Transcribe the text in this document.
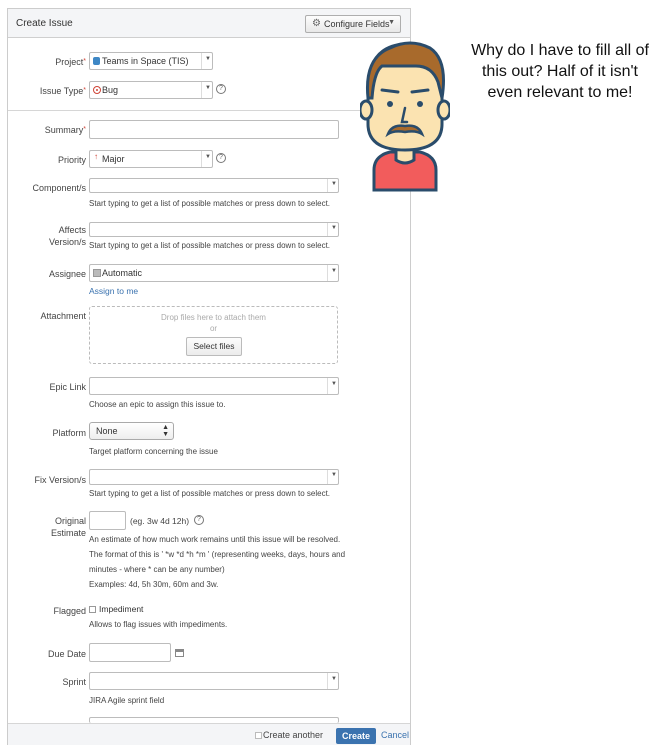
Create Issue	⚙ Configure Fields
▼
Project* Teams in Space (TIS)	▼
Issue Type* Bug	▼	?
Summary*
Priority ↑ Major	▼	?
Component/s	▼
Start typing to get a list of possible matches or press down to select.
Affects
Version/s
▼
Start typing to get a list of possible matches or press down to select.
Assignee Automatic	▼
Assign to me
Attachment	Drop files here to attach them
or
Select files
Epic Link	▼
Choose an epic to assign this issue to.
Platform None	▲
▼
Target platform concerning the issue
Fix Version/s	▼
Start typing to get a list of possible matches or press down to select.
Original
Estimate
(eg. 3w 4d 12h)	?
An estimate of how much work remains until this issue will be resolved.
The format of this is ' *w *d *h *m ' (representing weeks, days, hours and
minutes - where * can be any number)
Examples: 4d, 5h 30m, 60m and 3w.
Flagged Impediment
Allows to flag issues with impediments.
Due Date
Sprint	▼
JIRA Agile sprint field
Create another	Create	Cancel
Why do I have to fill all of
this out? Half of it isn't
even relevant to me!
